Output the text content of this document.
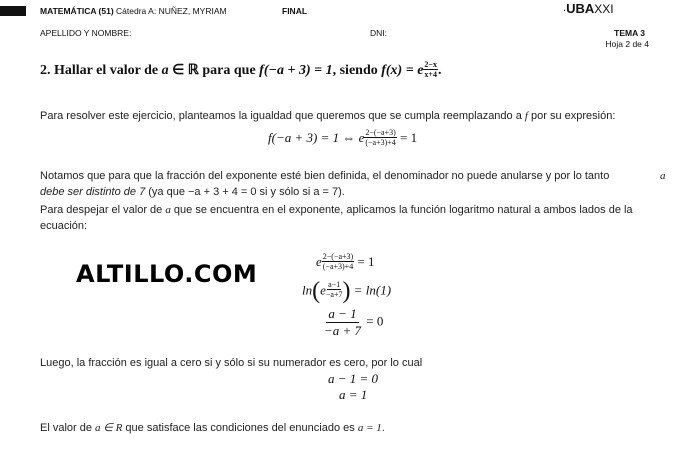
MATEMÁTICA (51) Cátedra A: NUÑEZ, MYRIAM	FINAL	.UBAXXI
APELLIDO Y NOMBRE:	DNI:	TEMA 3
Hoja 2 de 4
2. Hallar el valor de a ∈ ℝ para que f(−a + 3) = 1, siendo f(x) = e $\frac{2-x}{x+4}$ .
Para resolver este ejercicio, planteamos la igualdad que queremos que se cumpla reemplazando a f por su expresión:
f(−a + 3) = 1 ⇔ e $\frac{2-(-a+3)}{(-a+3)+4} = 1$
Notamos que para que la fracción del exponente esté bien definida, el denominador no puede anularse y por lo tanto	a
debe ser distinto de 7 (ya que −a + 3 + 4 = 0 si y sólo si a = 7).
Para despejar el valor de a que se encuentra en el exponente, aplicamos la función logaritmo natural a ambos lados de la
ecuación:
ALTILLO.COM	e $\frac{2-(-a+3)}{(-a+3)+4} = 1$
$\ln(e \frac{a-1}{-a+7}$ ) = ln(1)
$\frac{a - 1}{-a + 7} = 0$
Luego, la fracción es igual a cero si y sólo si su numerador es cero, por lo cual
a − 1 = 0
a = 1
El valor de a ∈ R que satisface las condiciones del enunciado es a = 1.
